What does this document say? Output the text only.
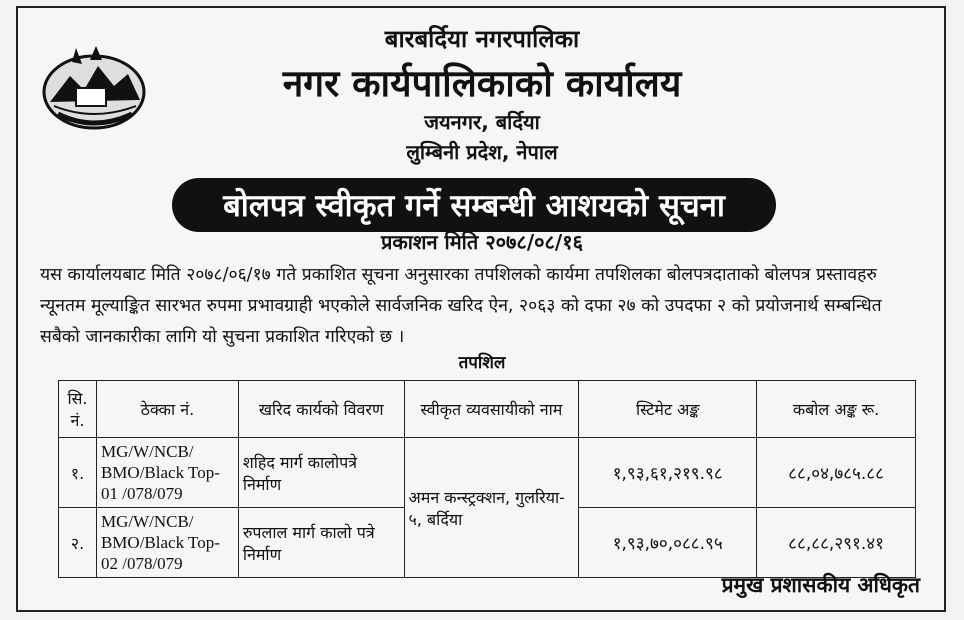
बारबर्दिया नगरपालिका
नगर कार्यपालिकाको कार्यालय
जयनगर, बर्दिया
लुम्बिनी प्रदेश, नेपाल
बोलपत्र स्वीकृत गर्ने सम्बन्धी आशयको सूचना
प्रकाशन मिति २०७८/०८/१६
यस कार्यालयबाट मिति २०७८/०६/१७ गते प्रकाशित सूचना अनुसारका तपशिलको कार्यमा तपशिलका बोलपत्रदाताको बोलपत्र प्रस्तावहरु न्यूनतम मूल्याङ्कित सारभत रुपमा प्रभावग्राही भएकोले सार्वजनिक खरिद ऐन, २०६३ को दफा २७ को उपदफा २ को प्रयोजनार्थ सम्बन्धित सबैको जानकारीका लागि यो सुचना प्रकाशित गरिएको छ ।
तपशिल
सि. नं.	ठेक्का नं.	खरिद कार्यको विवरण	स्वीकृत व्यवसायीको नाम	स्टिमेट अङ्क	कबोल अङ्क रू.
१.	MG/W/NCB/ BMO/Black Top- 01 /078/079	शहिद मार्ग कालोपत्रे निर्माण	अमन कन्स्ट्रक्शन, गुलरिया- ५, बर्दिया	१,९३,६१,२१९.९८	८८,०४,७८५.८८
२.	MG/W/NCB/ BMO/Black Top-02 /078/079	रुपलाल मार्ग कालो पत्रे निर्माण		१,९३,७०,०८८.९५	८८,८८,२९१.४१
प्रमुख प्रशासकीय अधिकृत
